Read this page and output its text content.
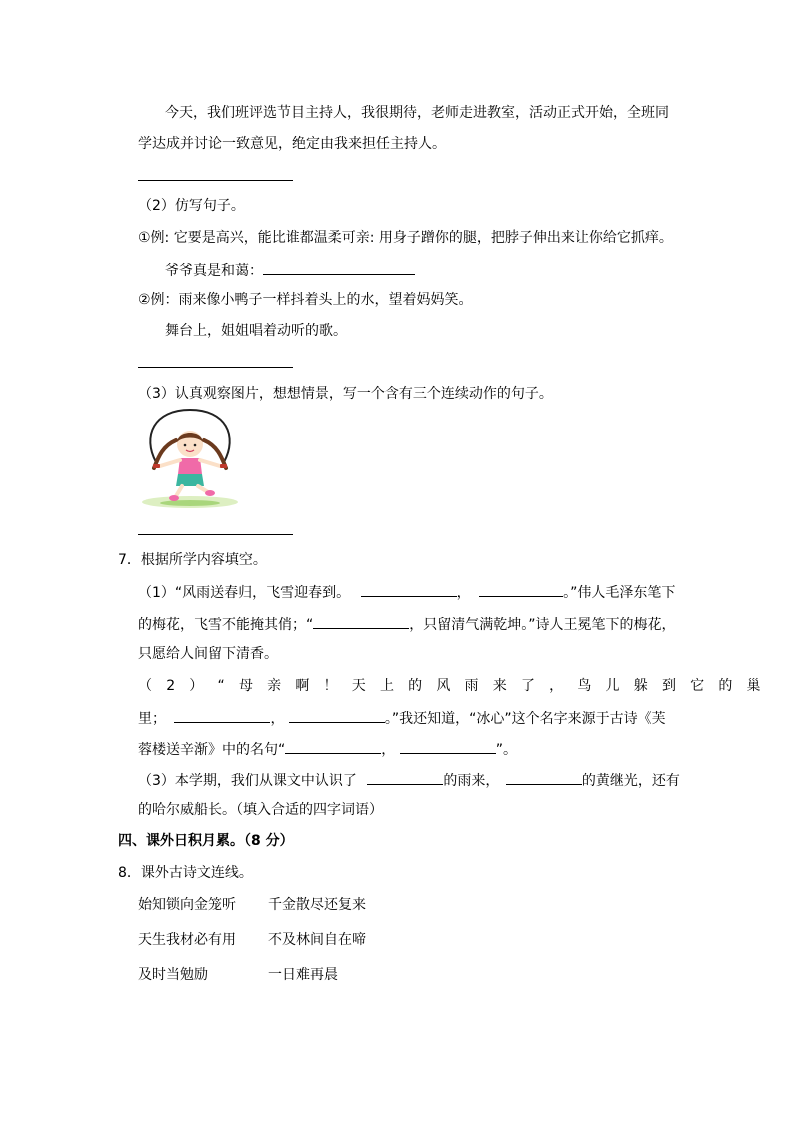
今天，我们班评选节目主持人，我很期待，老师走进教室，活动正式开始，全班同
学达成并讨论一致意见，绝定由我来担任主持人。
（2）仿写句子。
①例: 它要是高兴，能比谁都温柔可亲: 用身子蹭你的腿，把脖子伸出来让你给它抓痒。
爷爷真是和蔼：
②例：雨来像小鸭子一样抖着头上的水，望着妈妈笑。
舞台上，姐姐唱着动听的歌。
（3）认真观察图片，想想情景，写一个含有三个连续动作的句子。
7．根据所学内容填空。
（1）“风雨送春归，飞雪迎春到。	，	。”伟人毛泽东笔下
的梅花，飞雪不能掩其俏；“	，只留清气满乾坤。”诗人王冕笔下的梅花，
只愿给人间留下清香。
（2）“母亲啊！天上的风雨来了，鸟儿躲到它的巢
里；	，	。”我还知道，“冰心”这个名字来源于古诗《芙
蓉楼送辛渐》中的名句“	，	”。
（3）本学期，我们从课文中认识了	的雨来，	的黄继光，还有
的哈尔威船长。（填入合适的四字词语）
四、课外日积月累。（8 分）
8．课外古诗文连线。
始知锁向金笼听 千金散尽还复来
天生我材必有用 不及林间自在啼
及时当勉励	一日难再晨
